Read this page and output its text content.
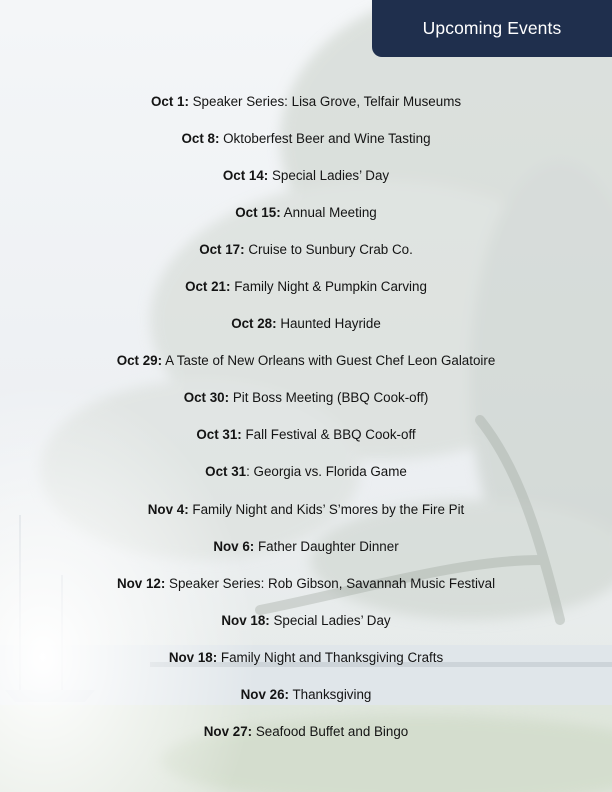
Upcoming Events
Oct 1: Speaker Series: Lisa Grove, Telfair Museums
Oct 8: Oktoberfest Beer and Wine Tasting
Oct 14: Special Ladies’ Day
Oct 15: Annual Meeting
Oct 17: Cruise to Sunbury Crab Co.
Oct 21: Family Night & Pumpkin Carving
Oct 28: Haunted Hayride
Oct 29: A Taste of New Orleans with Guest Chef Leon Galatoire
Oct 30: Pit Boss Meeting (BBQ Cook-off)
Oct 31: Fall Festival & BBQ Cook-off
Oct 31 : Georgia vs. Florida Game
Nov 4: Family Night and Kids’ S’mores by the Fire Pit
Nov 6: Father Daughter Dinner
Nov 12: Speaker Series: Rob Gibson, Savannah Music Festival
Nov 18: Special Ladies’ Day
Nov 18: Family Night and Thanksgiving Crafts
Nov 26: Thanksgiving
Nov 27: Seafood Buffet and Bingo
